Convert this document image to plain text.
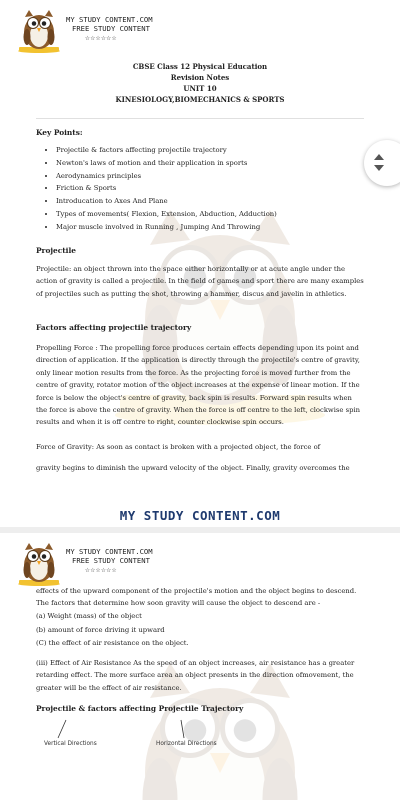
MY STUDY CONTENT.COM
FREE STUDY CONTENT
☆☆☆☆☆☆
CBSE Class 12 Physical Education
Revision Notes
UNIT 10
KINESIOLOGY,BIOMECHANICS & SPORTS
Key Points:
• Projectile & factors affecting projectile trajectory
• Newton's laws of motion and their application in sports
• Aerodynamics principles
• Friction & Sports
• Introducation to Axes And Plane
• Types of movements( Flexion, Extension, Abduction, Adduction)
• Major muscle involved in Running , Jumping And Throwing
Projectile

Projectile: an object thrown into the space either horizontally or at acute angle under the action of gravity is called a projectile. In the field of games and sport there are many examples of projectiles such as putting the shot, throwing a hammer, discus and javelin in athletics.

Factors affecting projectile trajectory

Propelling Force : The propelling force produces certain effects depending upon its point and direction of application. If the application is directly through the projectile's centre of gravity, only linear motion results from the force. As the projecting force is moved further from the centre of gravity, rotator motion of the object increases at the expense of linear motion. If the force is below the object's centre of gravity, back spin is results. Forward spin results when the force is above the centre of gravity. When the force is off centre to the left, clockwise spin results and when it is off centre to right, counter clockwise spin occurs.

Force of Gravity: As soon as contact is broken with a projected object, the force of

gravity begins to diminish the upward velocity of the object. Finally, gravity overcomes the

MY STUDY CONTENT.COM
MY STUDY CONTENT.COM
FREE STUDY CONTENT
☆☆☆☆☆☆

effects of the upward component of the projectile's motion and the object begins to descend. The factors that determine how soon gravity will cause the object to descend are -

(a) Weight (mass) of the object

(b) amount of force driving it upward

(C) the effect of air resistance on the object.

(iii) Effect of Air Resistance As the speed of an object increases, air resistance has a greater retarding effect. The more surface area an object presents in the direction ofmovement, the greater will be the effect of air resistance.

Projectile & factors affecting Projectile Trajectory
Vertical Directions	Horizontal Directions
